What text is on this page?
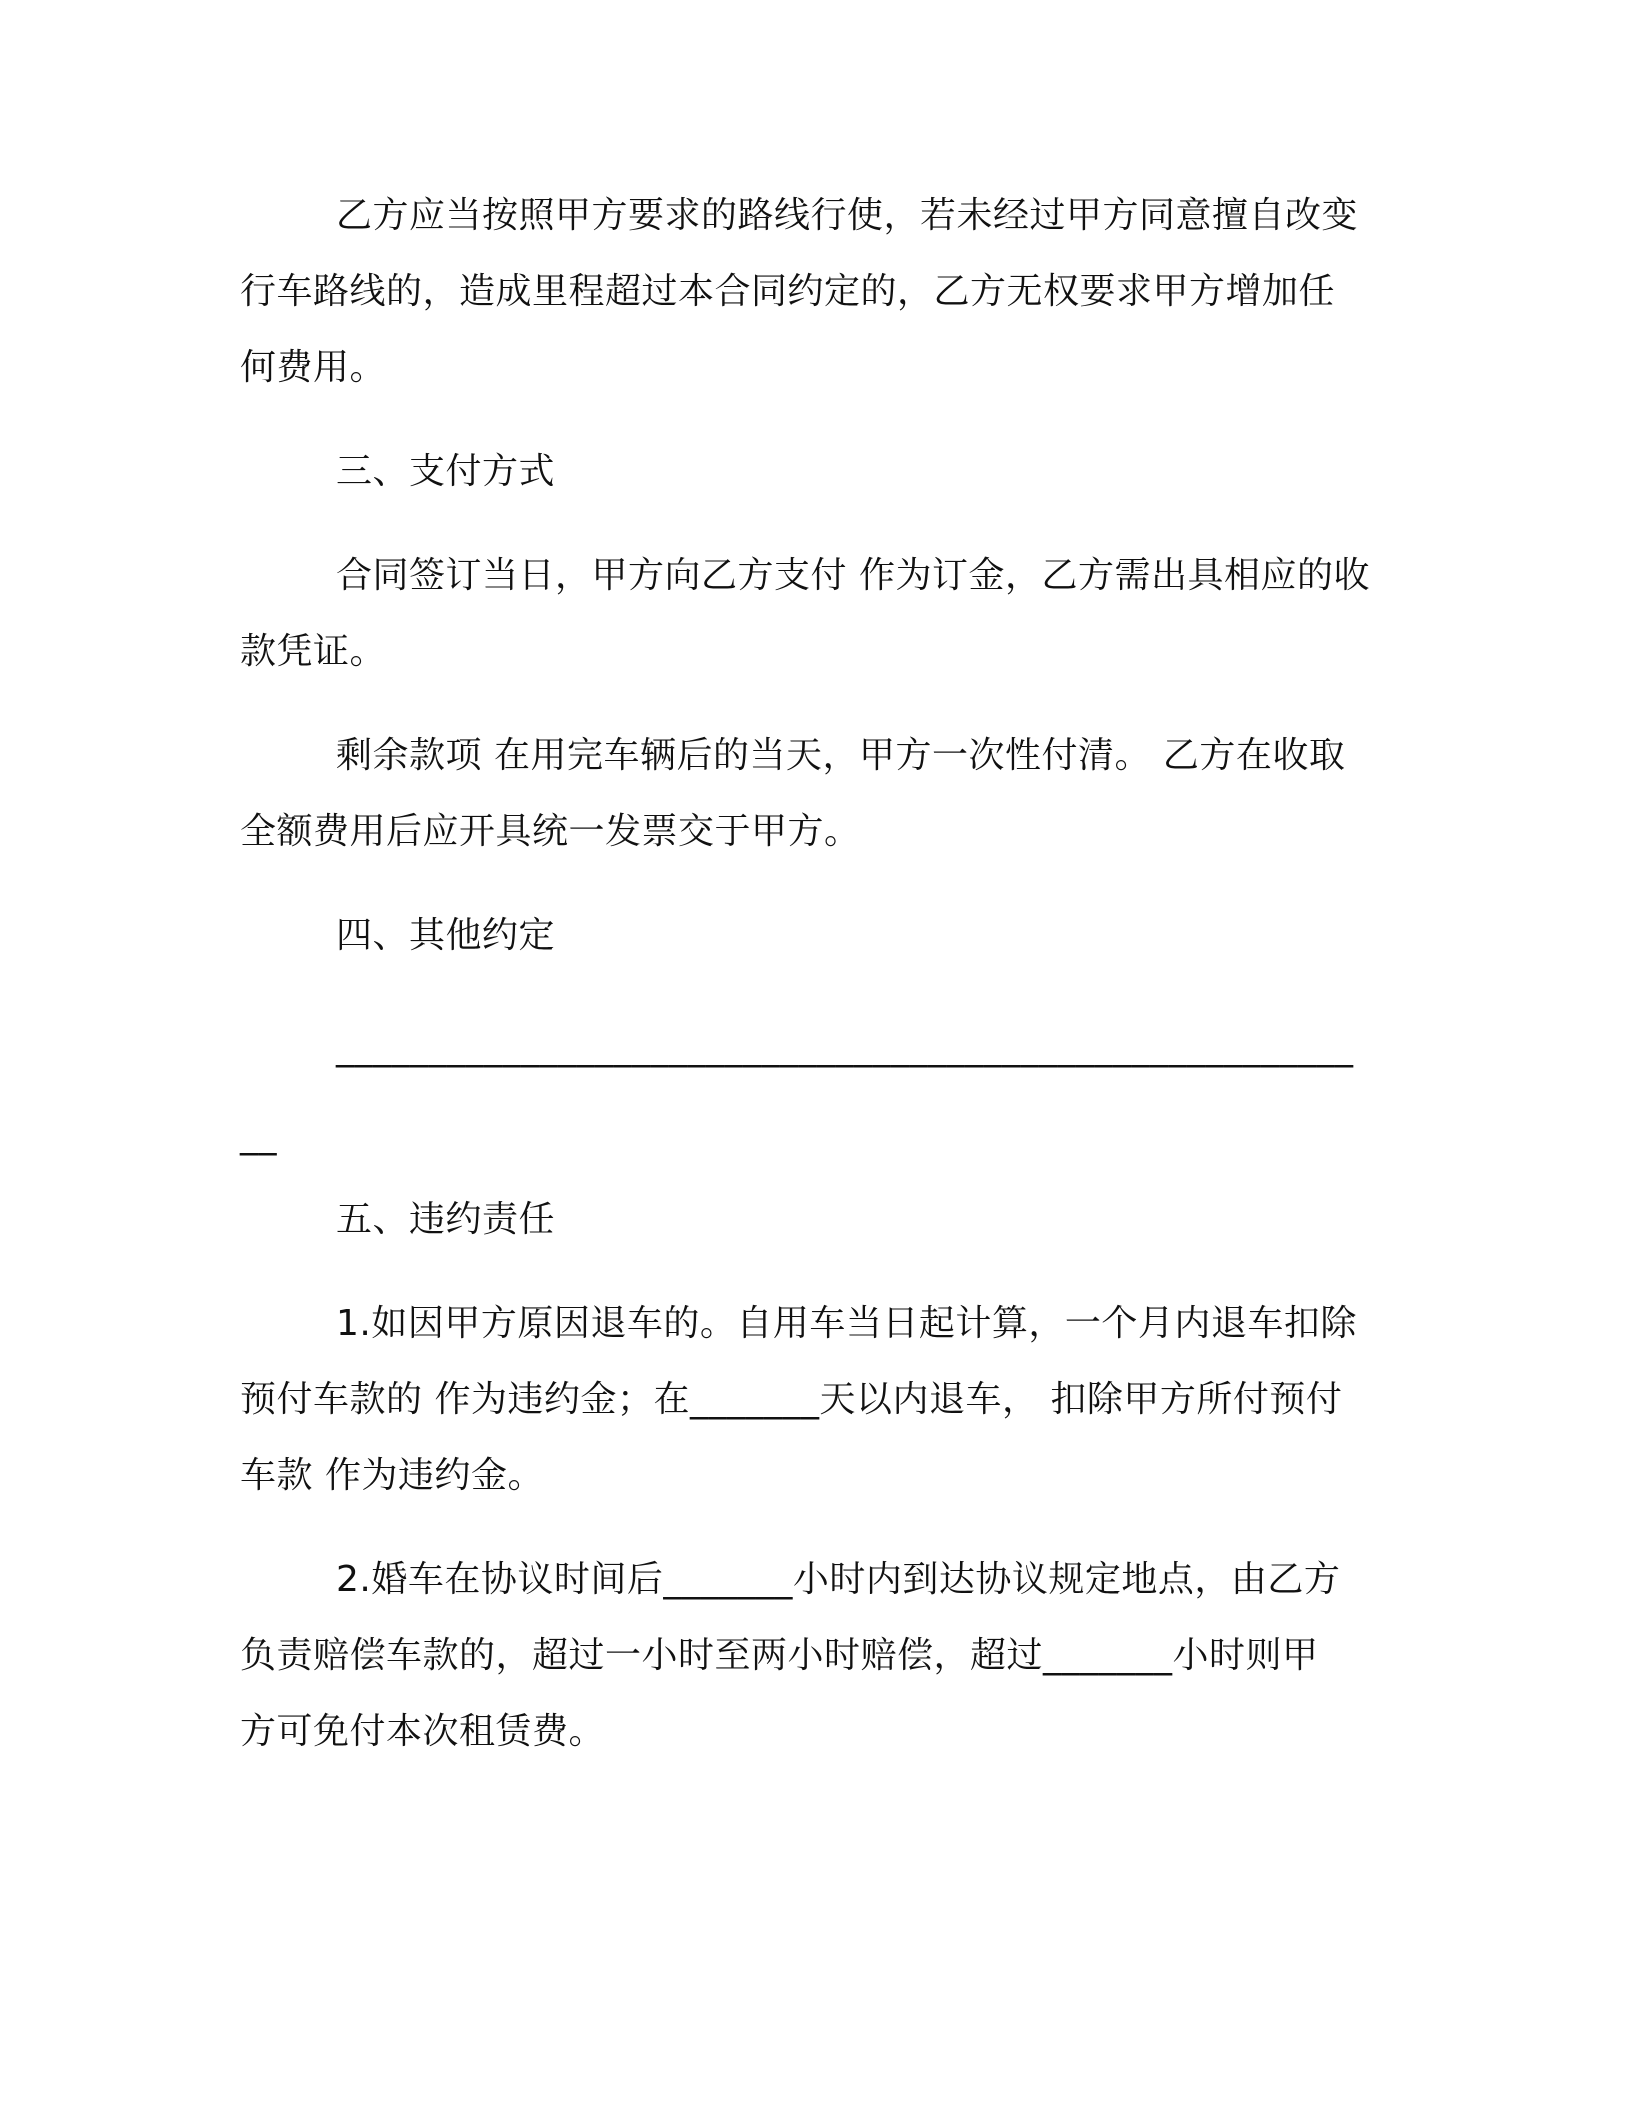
乙方应当按照甲方要求的路线行使，若未经过甲方同意擅自改变
行车路线的，造成里程超过本合同约定的，乙方无权要求甲方增加任
何费用。
三、支付方式
合同签订当日，甲方向乙方支付 作为订金，乙方需出具相应的收
款凭证。
剩余款项 在用完车辆后的当天，甲方一次性付清。 乙方在收取
全额费用后应开具统一发票交于甲方。
四、其他约定
_______________________________________________________
__
五、违约责任
1.如因甲方原因退车的。自用车当日起计算，一个月内退车扣除
预付车款的 作为违约金；在_______天以内退车， 扣除甲方所付预付
车款 作为违约金。
2.婚车在协议时间后_______小时内到达协议规定地点，由乙方
负责赔偿车款的，超过一小时至两小时赔偿，超过_______小时则甲
方可免付本次租赁费。
